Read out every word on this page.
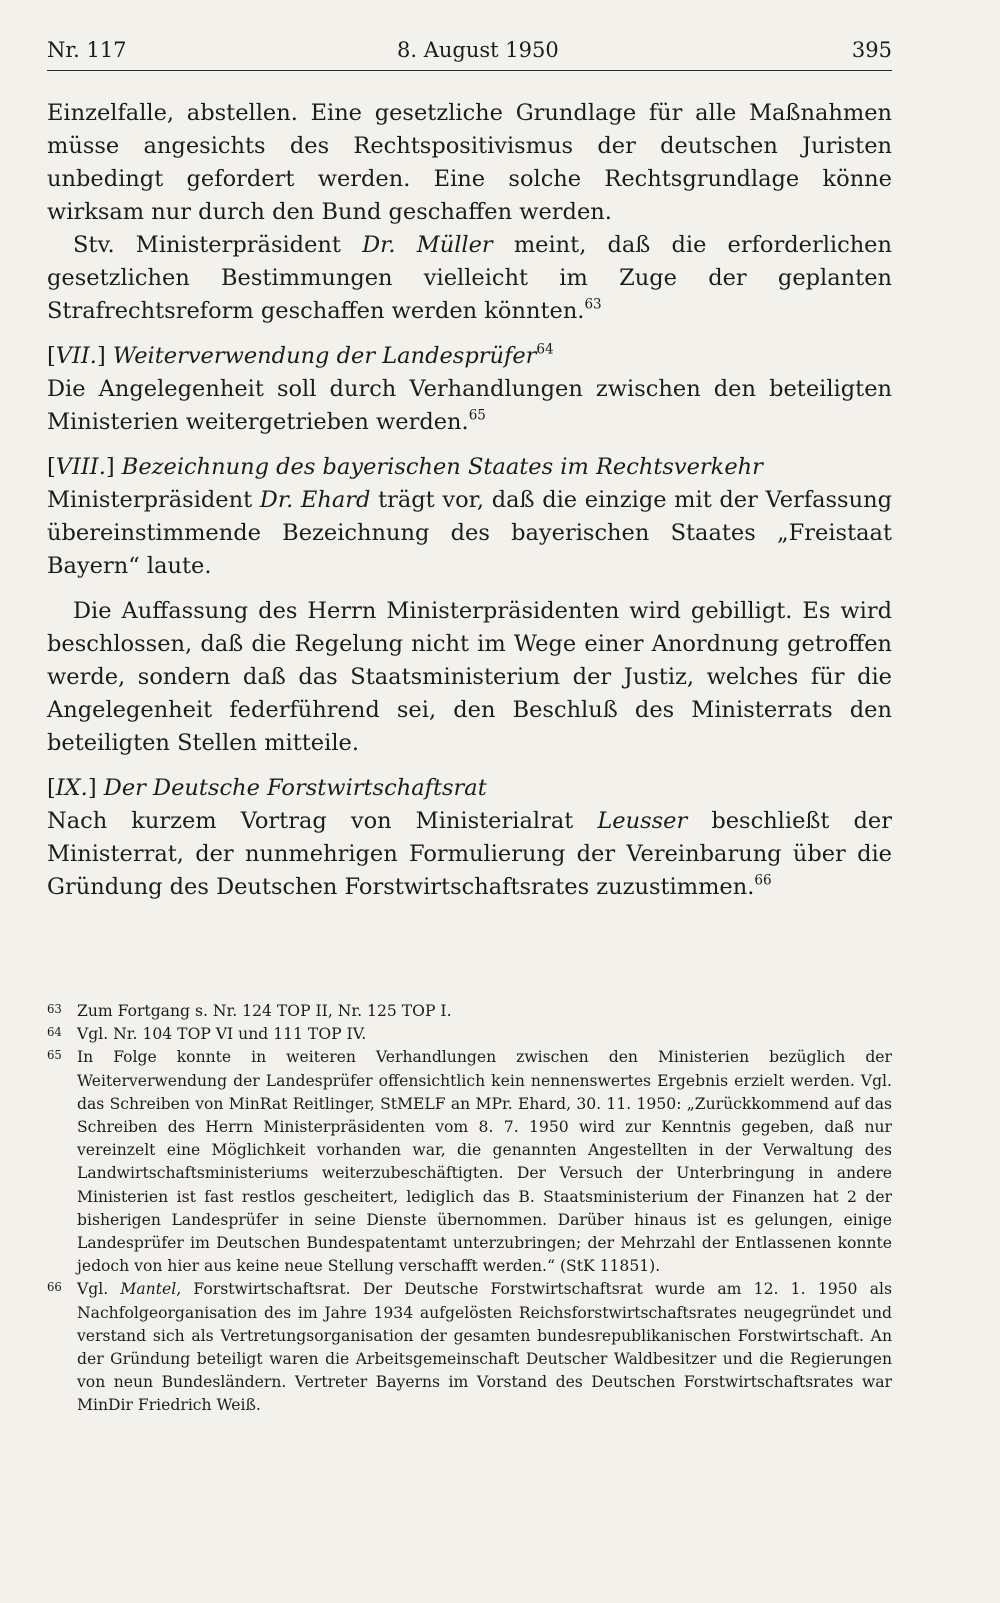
Nr. 117	8. August 1950	395

Einzelfalle, abstellen. Eine gesetzliche Grundlage für alle Maßnahmen müsse angesichts des Rechtspositivismus der deutschen Juristen unbedingt gefordert werden. Eine solche Rechtsgrundlage könne wirksam nur durch den Bund geschaffen werden.

Stv. Ministerpräsident Dr. Müller meint, daß die erforderlichen gesetzlichen Bestimmungen vielleicht im Zuge der geplanten Strafrechtsreform geschaffen werden könnten.$^{63}$

[VII.] Weiterverwendung der Landesprüfer$^{64}$

Die Angelegenheit soll durch Verhandlungen zwischen den beteiligten Ministerien weitergetrieben werden.$^{65}$

[VIII.] Bezeichnung des bayerischen Staates im Rechtsverkehr

Ministerpräsident Dr. Ehard trägt vor, daß die einzige mit der Verfassung übereinstimmende Bezeichnung des bayerischen Staates „Freistaat Bayern“ laute.

Die Auffassung des Herrn Ministerpräsidenten wird gebilligt. Es wird beschlossen, daß die Regelung nicht im Wege einer Anordnung getroffen werde, sondern daß das Staatsministerium der Justiz, welches für die Angelegenheit federführend sei, den Beschluß des Ministerrats den beteiligten Stellen mitteile.

[IX.] Der Deutsche Forstwirtschaftsrat

Nach kurzem Vortrag von Ministerialrat Leusser beschließt der Ministerrat, der nunmehrigen Formulierung der Vereinbarung über die Gründung des Deutschen Forstwirtschaftsrates zuzustimmen.$^{66}$

63 Zum Fortgang s. Nr. 124 TOP II, Nr. 125 TOP I.
64 Vgl. Nr. 104 TOP VI und 111 TOP IV.
65 In Folge konnte in weiteren Verhandlungen zwischen den Ministerien bezüglich der Weiterverwendung der Landesprüfer offensichtlich kein nennenswertes Ergebnis erzielt werden. Vgl. das Schreiben von MinRat Reitlinger, StMELF an MPr. Ehard, 30. 11. 1950: „Zurückkommend auf das Schreiben des Herrn Ministerpräsidenten vom 8. 7. 1950 wird zur Kenntnis gegeben, daß nur vereinzelt eine Möglichkeit vorhanden war, die genannten Angestellten in der Verwaltung des Landwirtschaftsministeriums weiterzubeschäftigten. Der Versuch der Unterbringung in andere Ministerien ist fast restlos gescheitert, lediglich das B. Staatsministerium der Finanzen hat 2 der bisherigen Landesprüfer in seine Dienste übernommen. Darüber hinaus ist es gelungen, einige Landesprüfer im Deutschen Bundespatentamt unterzubringen; der Mehrzahl der Entlassenen konnte jedoch von hier aus keine neue Stellung verschafft werden.“ (StK 11851).
66 Vgl. Mantel, Forstwirtschaftsrat. Der Deutsche Forstwirtschaftsrat wurde am 12. 1. 1950 als Nachfolgeorganisation des im Jahre 1934 aufgelösten Reichsforstwirtschaftsrates neugegründet und verstand sich als Vertretungsorganisation der gesamten bundesrepublikanischen Forstwirtschaft. An der Gründung beteiligt waren die Arbeitsgemeinschaft Deutscher Waldbesitzer und die Regierungen von neun Bundesländern. Vertreter Bayerns im Vorstand des Deutschen Forstwirtschaftsrates war MinDir Friedrich Weiß.
